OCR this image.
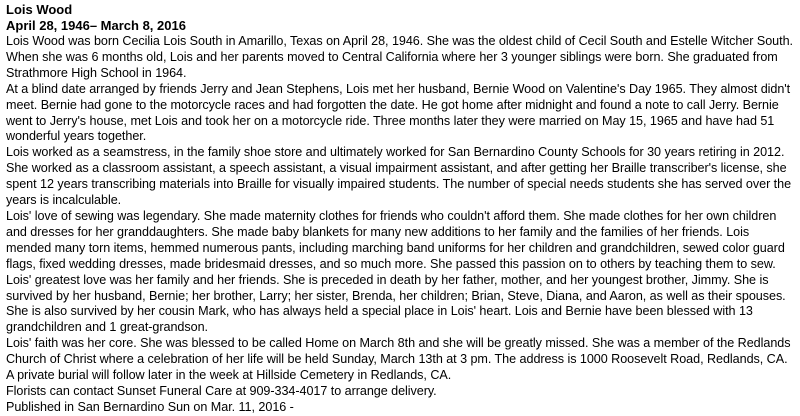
Lois Wood

April 28, 1946– March 8, 2016

Lois Wood was born Cecilia Lois South in Amarillo, Texas on April 28, 1946. She was the oldest child of Cecil South and Estelle Witcher South. When she was 6 months old, Lois and her parents moved to Central California where her 3 younger siblings were born. She graduated from Strathmore High School in 1964.

At a blind date arranged by friends Jerry and Jean Stephens, Lois met her husband, Bernie Wood on Valentine's Day 1965. They almost didn't meet. Bernie had gone to the motorcycle races and had forgotten the date. He got home after midnight and found a note to call Jerry. Bernie went to Jerry's house, met Lois and took her on a motorcycle ride. Three months later they were married on May 15, 1965 and have had 51 wonderful years together.

Lois worked as a seamstress, in the family shoe store and ultimately worked for San Bernardino County Schools for 30 years retiring in 2012. She worked as a classroom assistant, a speech assistant, a visual impairment assistant, and after getting her Braille transcriber's license, she spent 12 years transcribing materials into Braille for visually impaired students. The number of special needs students she has served over the years is incalculable.

Lois' love of sewing was legendary. She made maternity clothes for friends who couldn't afford them. She made clothes for her own children and dresses for her granddaughters. She made baby blankets for many new additions to her family and the families of her friends. Lois mended many torn items, hemmed numerous pants, including marching band uniforms for her children and grandchildren, sewed color guard flags, fixed wedding dresses, made bridesmaid dresses, and so much more. She passed this passion on to others by teaching them to sew.

Lois' greatest love was her family and her friends. She is preceded in death by her father, mother, and her youngest brother, Jimmy. She is survived by her husband, Bernie; her brother, Larry; her sister, Brenda, her children; Brian, Steve, Diana, and Aaron, as well as their spouses. She is also survived by her cousin Mark, who has always held a special place in Lois' heart. Lois and Bernie have been blessed with 13 grandchildren and 1 great-grandson.

Lois' faith was her core. She was blessed to be called Home on March 8th and she will be greatly missed. She was a member of the Redlands Church of Christ where a celebration of her life will be held Sunday, March 13th at 3 pm. The address is 1000 Roosevelt Road, Redlands, CA. A private burial will follow later in the week at Hillside Cemetery in Redlands, CA.

Florists can contact Sunset Funeral Care at 909-334-4017 to arrange delivery.

Published in San Bernardino Sun on Mar. 11, 2016 -
